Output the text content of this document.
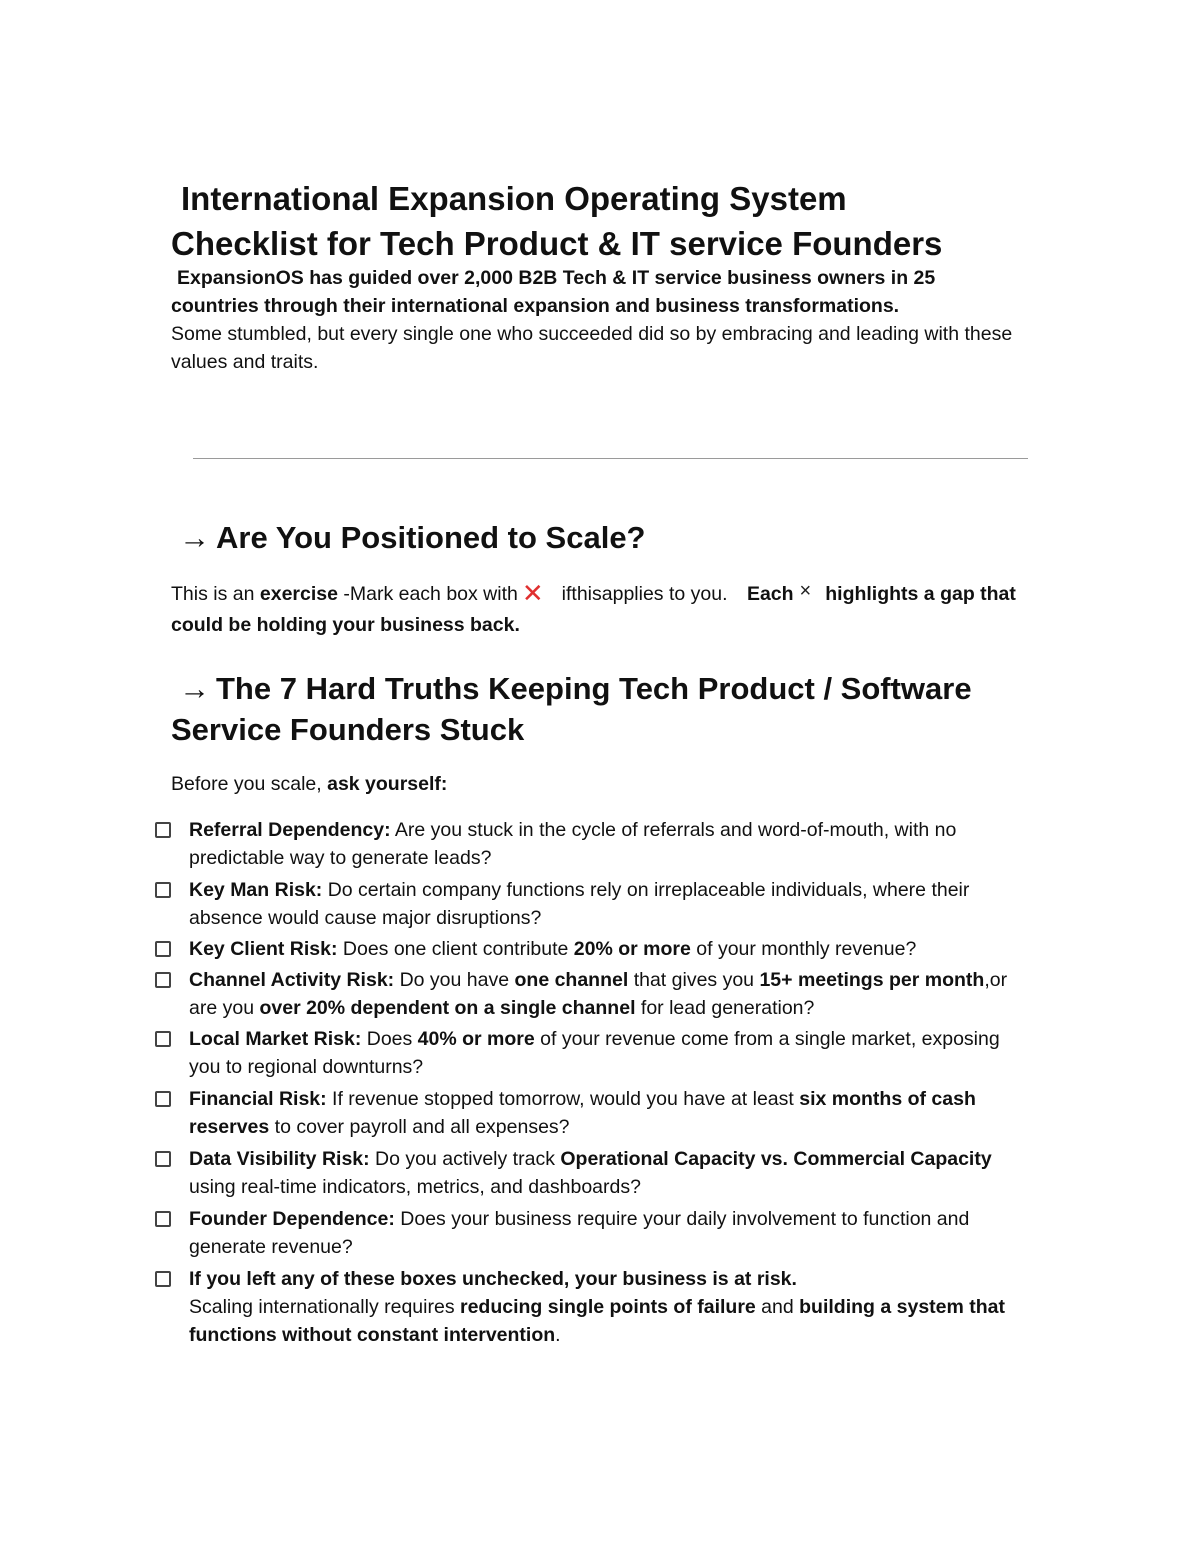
International Expansion Operating System
Checklist for Tech Product & IT service Founders
ExpansionOS has guided over 2,000 B2B Tech & IT service business owners in 25
countries through their international expansion and business transformations.
Some stumbled, but every single one who succeeded did so by embracing and leading with these values and traits.
→ Are You Positioned to Scale?
This is an exercise -Mark each box with ✕ ifthisapplies to you. Each × highlights a gap that could be holding your business back.
→ The 7 Hard Truths Keeping Tech Product / Software
Service Founders Stuck
Before you scale, ask yourself:
Referral Dependency: Are you stuck in the cycle of referrals and word-of-mouth, with no predictable way to generate leads?
Key Man Risk: Do certain company functions rely on irreplaceable individuals, where their absence would cause major disruptions?
Key Client Risk: Does one client contribute 20% or more of your monthly revenue?
Channel Activity Risk: Do you have one channel that gives you 15+ meetings per month,or are you over 20% dependent on a single channel for lead generation?
Local Market Risk: Does 40% or more of your revenue come from a single market, exposing you to regional downturns?
Financial Risk: If revenue stopped tomorrow, would you have at least six months of cash reserves to cover payroll and all expenses?
Data Visibility Risk: Do you actively track Operational Capacity vs. Commercial Capacity using real-time indicators, metrics, and dashboards?
Founder Dependence: Does your business require your daily involvement to function and generate revenue?
If you left any of these boxes unchecked, your business is at risk.
Scaling internationally requires reducing single points of failure and building a system that functions without constant intervention.
